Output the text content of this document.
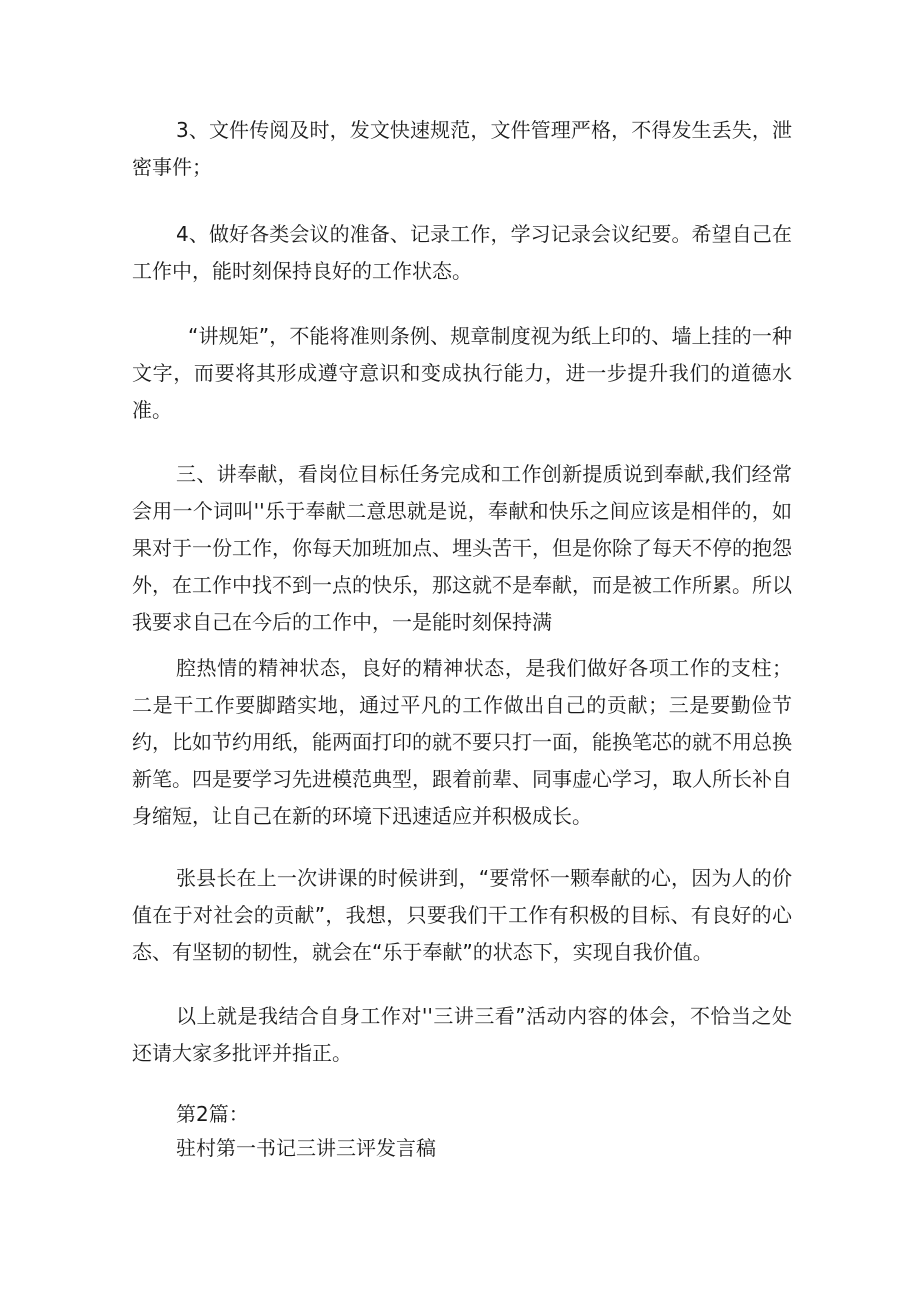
3、文件传阅及时，发文快速规范，文件管理严格，不得发生丢失，泄密事件；

4、做好各类会议的准备、记录工作，学习记录会议纪要。希望自己在工作中，能时刻保持良好的工作状态。

“讲规矩”，不能将准则条例、规章制度视为纸上印的、墙上挂的一种文字，而要将其形成遵守意识和变成执行能力，进一步提升我们的道德水准。

三、讲奉献，看岗位目标任务完成和工作创新提质说到奉献,我们经常会用一个词叫''乐于奉献二意思就是说，奉献和快乐之间应该是相伴的，如果对于一份工作，你每天加班加点、埋头苦干，但是你除了每天不停的抱怨外，在工作中找不到一点的快乐，那这就不是奉献，而是被工作所累。所以我要求自己在今后的工作中，一是能时刻保持满

腔热情的精神状态，良好的精神状态，是我们做好各项工作的支柱；二是干工作要脚踏实地，通过平凡的工作做出自己的贡献；三是要勤俭节约，比如节约用纸，能两面打印的就不要只打一面，能换笔芯的就不用总换新笔。四是要学习先进模范典型，跟着前辈、同事虚心学习，取人所长补自身缩短，让自己在新的环境下迅速适应并积极成长。

张县长在上一次讲课的时候讲到，“要常怀一颗奉献的心，因为人的价值在于对社会的贡献”，我想，只要我们干工作有积极的目标、有良好的心态、有坚韧的韧性，就会在“乐于奉献”的状态下，实现自我价值。

以上就是我结合自身工作对''三讲三看”活动内容的体会，不恰当之处还请大家多批评并指正。

第2篇：

驻村第一书记三讲三评发言稿
